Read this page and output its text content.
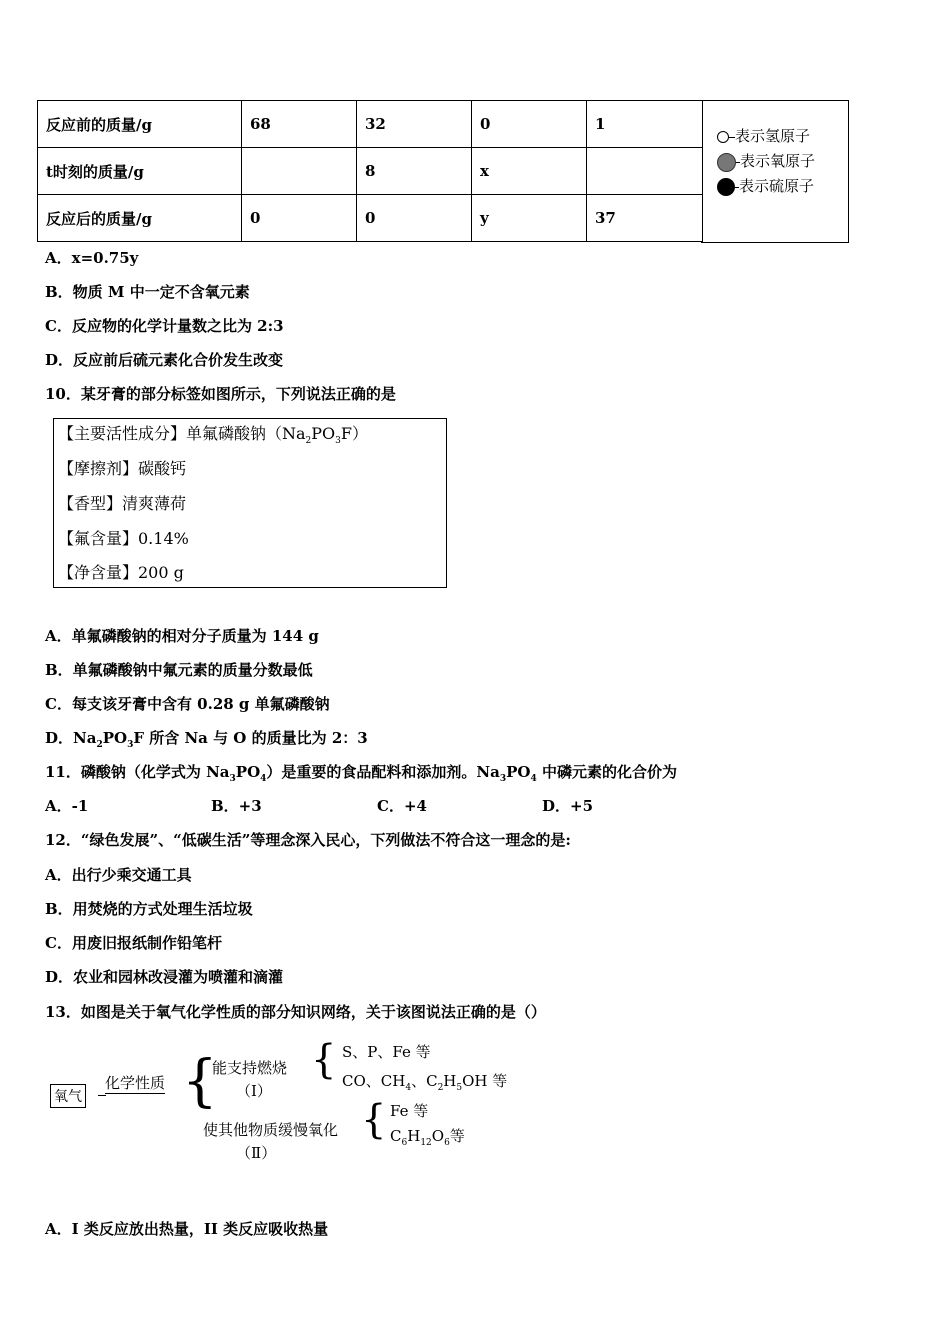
反应前的质量/g	68	32	0	1
t时刻的质量/g		8	x	
反应后的质量/g	0	0	y	37
表示氢原子
表示氧原子
表示硫原子
A．x=0.75y
B．物质 M 中一定不含氧元素
C．反应物的化学计量数之比为 2:3
D．反应前后硫元素化合价发生改变
10．某牙膏的部分标签如图所示，下列说法正确的是
【主要活性成分】单氟磷酸钠$(Na_2PO_3F)$
【摩擦剂】碳酸钙
【香型】清爽薄荷
【氟含量】0.14%
【净含量】200 g
A．单氟磷酸钠的相对分子质量为 144 g
B．单氟磷酸钠中氟元素的质量分数最低
C．每支该牙膏中含有 0.28 g 单氟磷酸钠
D．$Na_2PO_3F$ 所含 Na 与 O 的质量比为 2：3
11．磷酸钠（化学式为 $Na_3PO_4$）是重要的食品配料和添加剂。$Na_3PO_4$ 中磷元素的化合价为
A．-1	B．+3	C．+4	D．+5
12．“绿色发展”、“低碳生活”等理念深入民心，下列做法不符合这一理念的是:
A．出行少乘交通工具
B．用焚烧的方式处理生活垃圾
C．用废旧报纸制作铅笔杆
D．农业和园林改浸灌为喷灌和滴灌
13．如图是关于氧气化学性质的部分知识网络，关于该图说法正确的是（）
氧气
化学性质 {
能支持燃烧
（Ⅰ）
{ S、P、Fe 等
CO、$CH_4$、$C_2H_5OH$ 等
使其他物质缓慢氧化
（Ⅱ）
{ Fe 等
$C_6H_{12}O_6$等
A．I 类反应放出热量，II 类反应吸收热量
